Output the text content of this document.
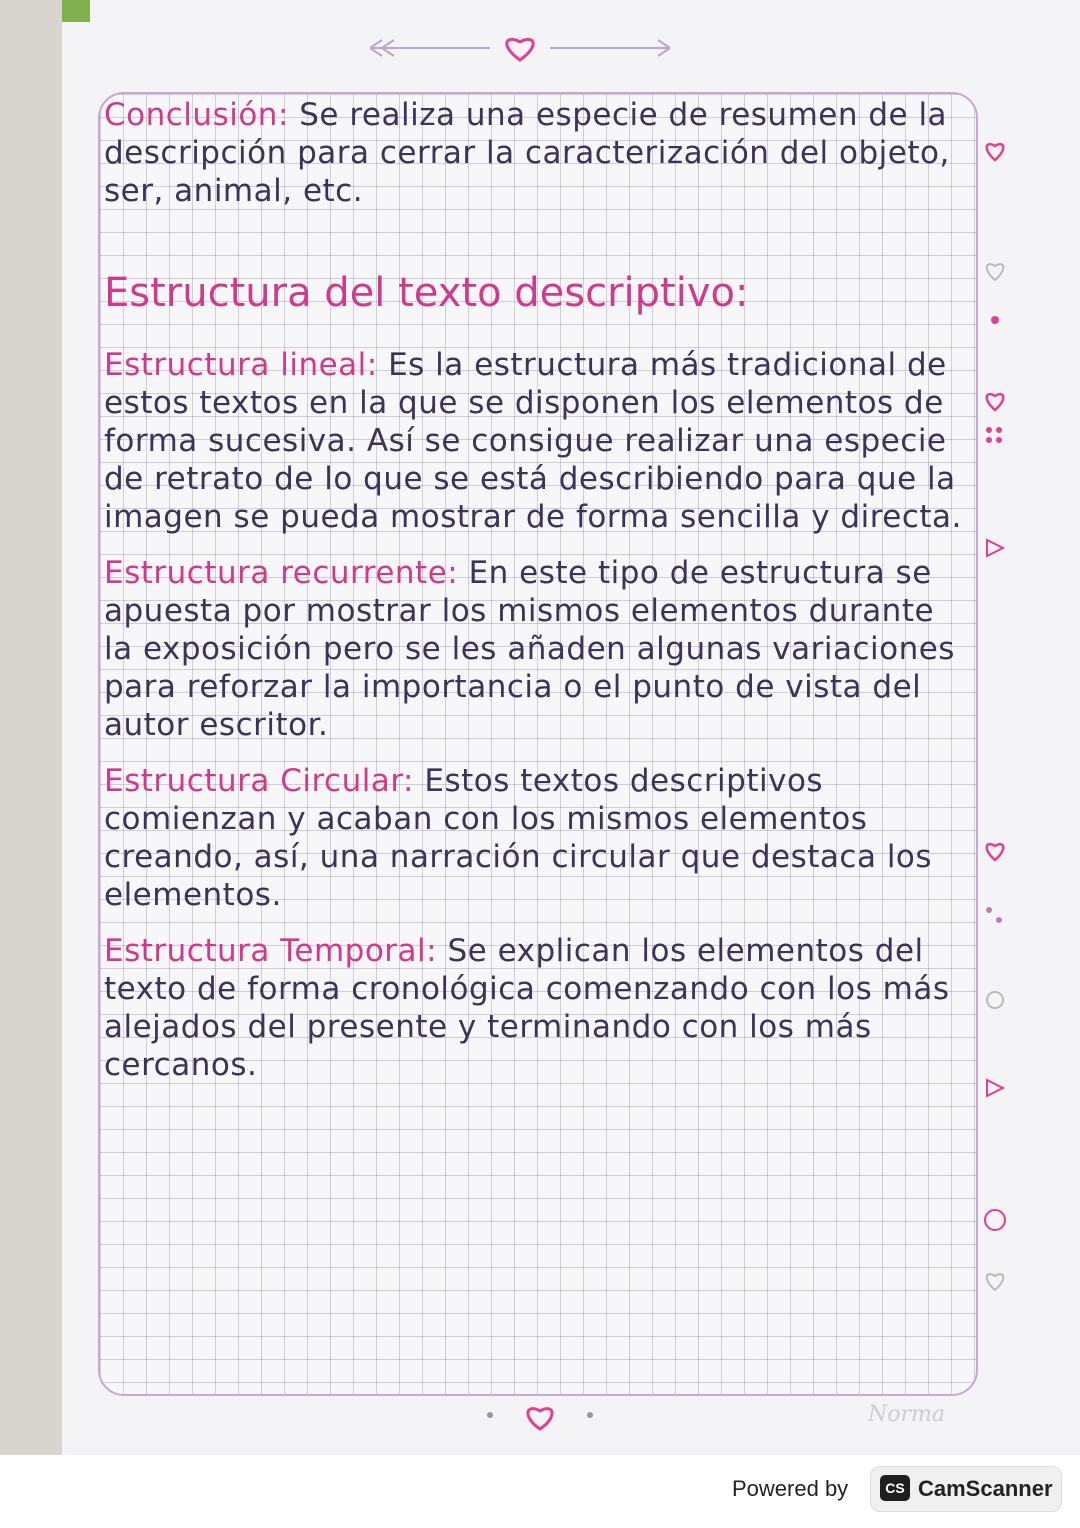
Conclusión: Se realiza una especie de resumen de la descripción para cerrar la caracterización del objeto, ser, animal, etc.

Estructura del texto descriptivo:

Estructura lineal: Es la estructura más tradicional de estos textos en la que se disponen los elementos de forma sucesiva. Así se consigue realizar una especie de retrato de lo que se está describiendo para que la imagen se pueda mostrar de forma sencilla y directa.

Estructura recurrente: En este tipo de estructura se apuesta por mostrar los mismos elementos durante la exposición pero se les añaden algunas variaciones para reforzar la importancia o el punto de vista del autor escritor.

Estructura Circular: Estos textos descriptivos comienzan y acaban con los mismos elementos creando, así, una narración circular que destaca los elementos.

Estructura Temporal: Se explican los elementos del texto de forma cronológica comenzando con los más alejados del presente y terminando con los más cercanos.

Norma
Powered by	CS CamScanner
